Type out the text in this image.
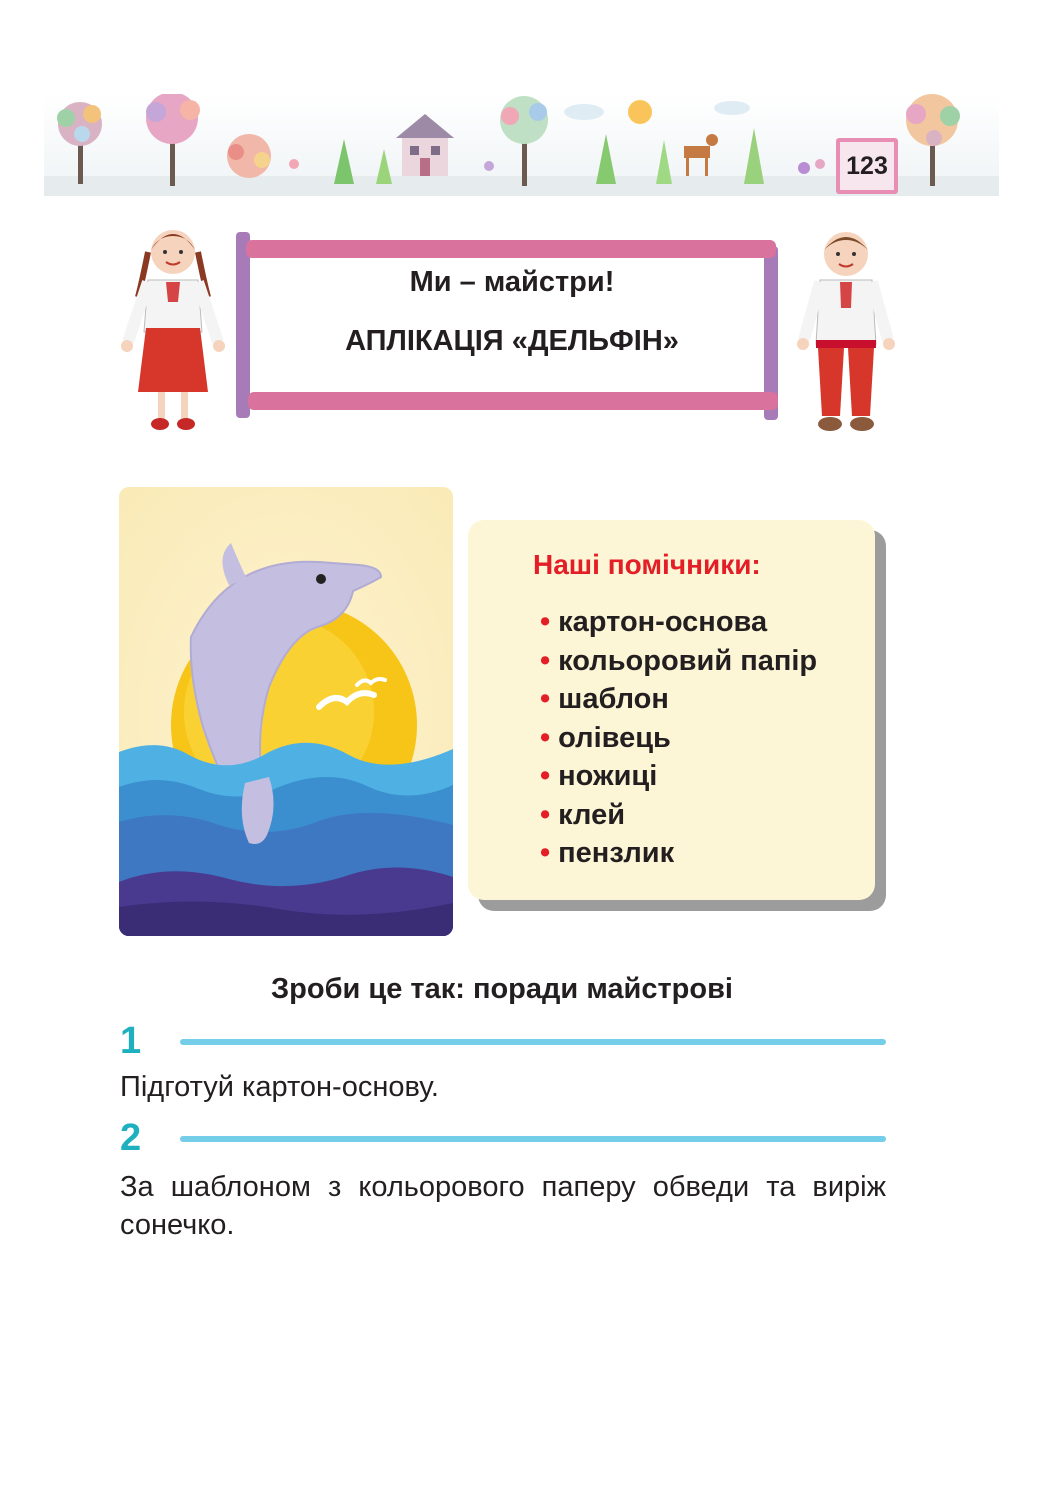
123
Ми – майстри!
АПЛІКАЦІЯ «ДЕЛЬФІН»
Наші помічники:
• картон-основа
• кольоровий папір
• шаблон
• олівець
• ножиці
• клей
• пензлик
Зроби це так: поради майстрові
1
Підготуй картон-основу.
2
За шаблоном з кольорового паперу обведи та виріж сонечко.
